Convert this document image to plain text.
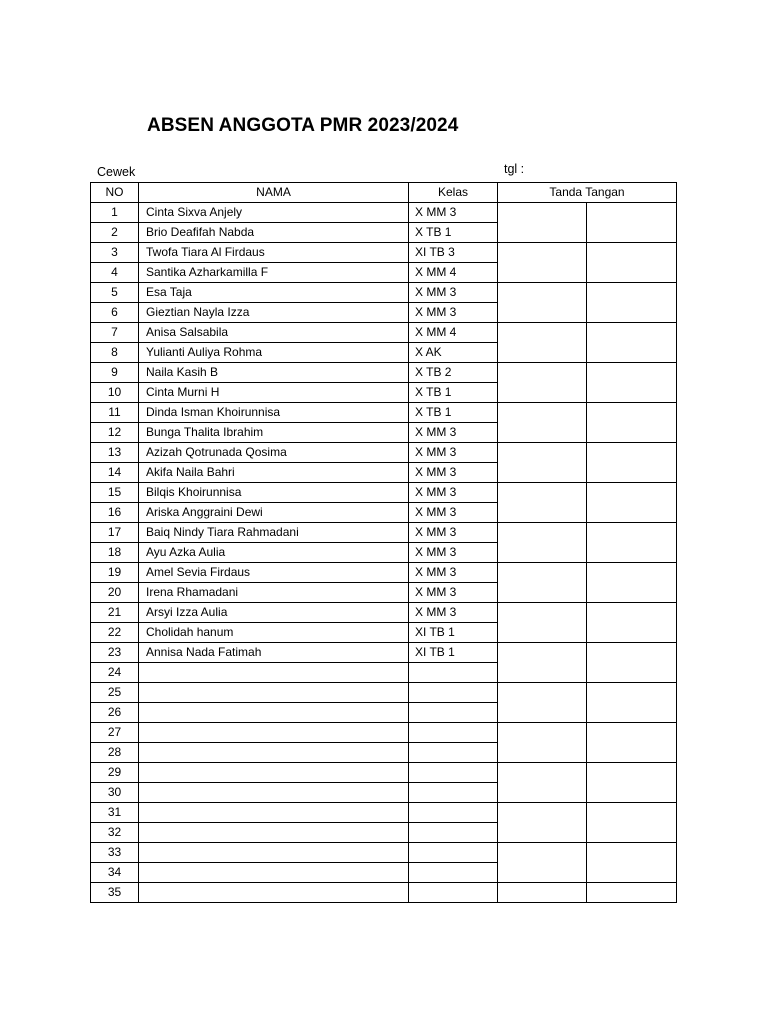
ABSEN ANGGOTA PMR 2023/2024
Cewek	tgl :
NO	NAMA	Kelas	Tanda Tangan	
1	Cinta Sixva Anjely	X MM 3		
2	Brio Deafifah Nabda	X TB 1		
3	Twofa Tiara Al Firdaus	XI TB 3		
4	Santika Azharkamilla F	X MM 4		
5	Esa Taja	X MM 3		
6	Gieztian Nayla Izza	X MM 3		
7	Anisa Salsabila	X MM 4		
8	Yulianti Auliya Rohma	X AK		
9	Naila Kasih B	X TB 2		
10	Cinta Murni H	X TB 1		
11	Dinda Isman Khoirunnisa	X TB 1		
12	Bunga Thalita Ibrahim	X MM 3		
13	Azizah Qotrunada Qosima	X MM 3		
14	Akifa Naila Bahri	X MM 3		
15	Bilqis Khoirunnisa	X MM 3		
16	Ariska Anggraini Dewi	X MM 3		
17	Baiq Nindy Tiara Rahmadani	X MM 3		
18	Ayu Azka Aulia	X MM 3		
19	Amel Sevia Firdaus	X MM 3		
20	Irena Rhamadani	X MM 3		
21	Arsyi Izza Aulia	X MM 3		
22	Cholidah hanum	XI TB 1		
23	Annisa Nada Fatimah	XI TB 1		
24				
25				
26				
27				
28				
29				
30				
31				
32				
33				
34				
35				
